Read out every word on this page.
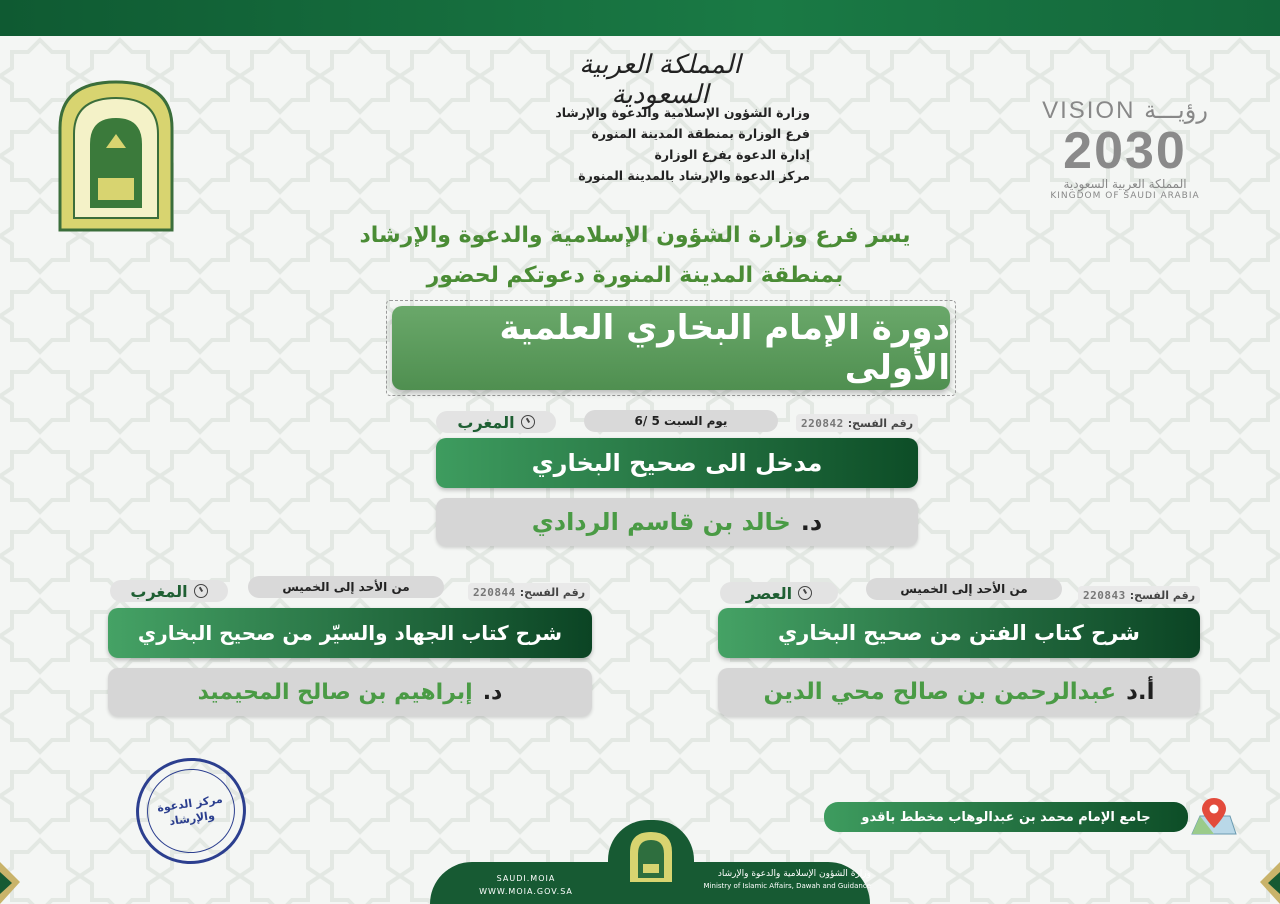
المملكة العربية السعودية
وزارة الشؤون الإسلامية والدعوة والإرشاد
فرع الوزارة بمنطقة المدينة المنورة
إدارة الدعوة بفرع الوزارة
مركز الدعوة والإرشاد بالمدينة المنورة
VISION رؤيـــة
2030
المملكة العربية السعودية
KINGDOM OF SAUDI ARABIA
يسر فرع وزارة الشؤون الإسلامية والدعوة والإرشاد
بمنطقة المدينة المنورة دعوتكم لحضور
دورة الإمام البخاري العلمية الأولى
رقم الفسح:
220842
يوم السبت 5 /6
المغرب
مدخل الى صحيح البخاري
د.
خالد بن قاسم الردادي
رقم الفسح:
220843
من الأحد إلى الخميس
العصر
شرح كتاب الفتن من صحيح البخاري
أ.د
عبدالرحمن بن صالح محي الدين
رقم الفسح:
220844
من الأحد إلى الخميس
المغرب
شرح كتاب الجهاد والسيّر من صحيح البخاري
د.
إبراهيم بن صالح المحيميد
مركز الدعوة والإرشاد	جامع الإمام محمد بن عبدالوهاب مخطط باقدو
وزارة الشؤون الإسلامية والدعوة والإرشاد
Ministry of Islamic Affairs, Dawah and Guidance
SAUDI.MOIA
WWW.MOIA.GOV.SA
